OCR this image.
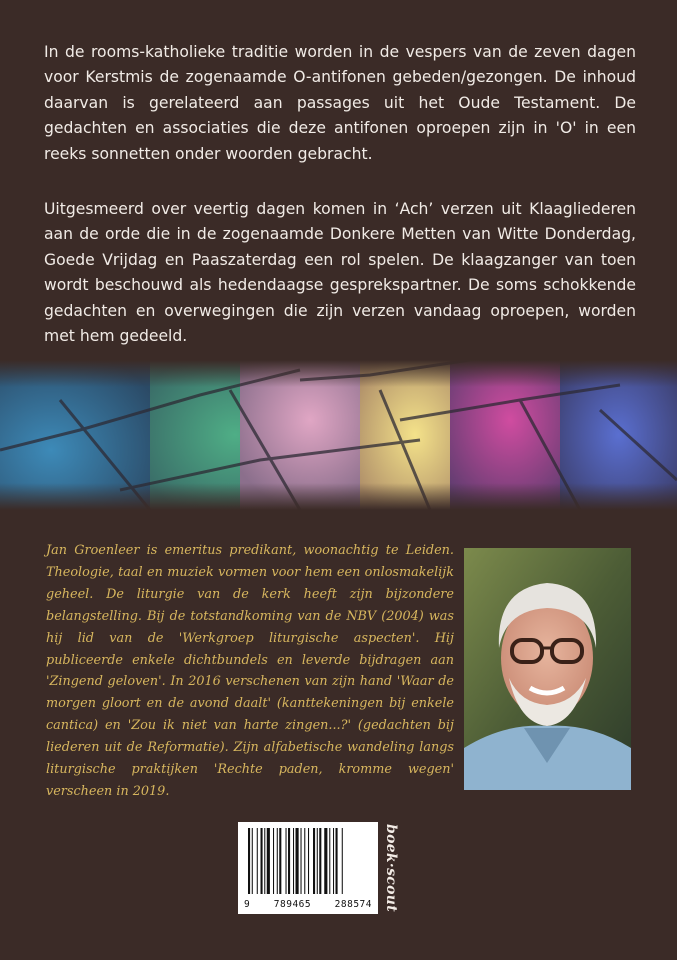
In de rooms-katholieke traditie worden in de vespers van de zeven dagen voor Kerstmis de zogenaamde O-antifonen gebeden/gezongen. De inhoud daarvan is gerelateerd aan passages uit het Oude Testament. De gedachten en associaties die deze antifonen oproepen zijn in 'O' in een reeks sonnetten onder woorden gebracht.

Uitgesmeerd over veertig dagen komen in ‘Ach’ verzen uit Klaagliederen aan de orde die in de zogenaamde Donkere Metten van Witte Donderdag, Goede Vrijdag en Paaszaterdag een rol spelen. De klaagzanger van toen wordt beschouwd als hedendaagse gesprekspartner. De soms schokkende gedachten en overwegingen die zijn verzen vandaag oproepen, worden met hem gedeeld.

Jan Groenleer is emeritus predikant, woonachtig te Leiden. Theologie, taal en muziek vormen voor hem een onlosmakelijk geheel. De liturgie van de kerk heeft zijn bijzondere belangstelling. Bij de totstandkoming van de NBV (2004) was hij lid van de 'Werkgroep liturgische aspecten'. Hij publiceerde enkele dichtbundels en leverde bijdragen aan 'Zingend geloven'. In 2016 verschenen van zijn hand 'Waar de morgen gloort en de avond daalt' (kanttekeningen bij enkele cantica) en 'Zou ik niet van harte zingen...?' (gedachten bij liederen uit de Reformatie). Zijn alfabetische wandeling langs liturgische praktijken 'Rechte paden, kromme wegen' verscheen in 2019.

9 789465 288574 boek·scout
